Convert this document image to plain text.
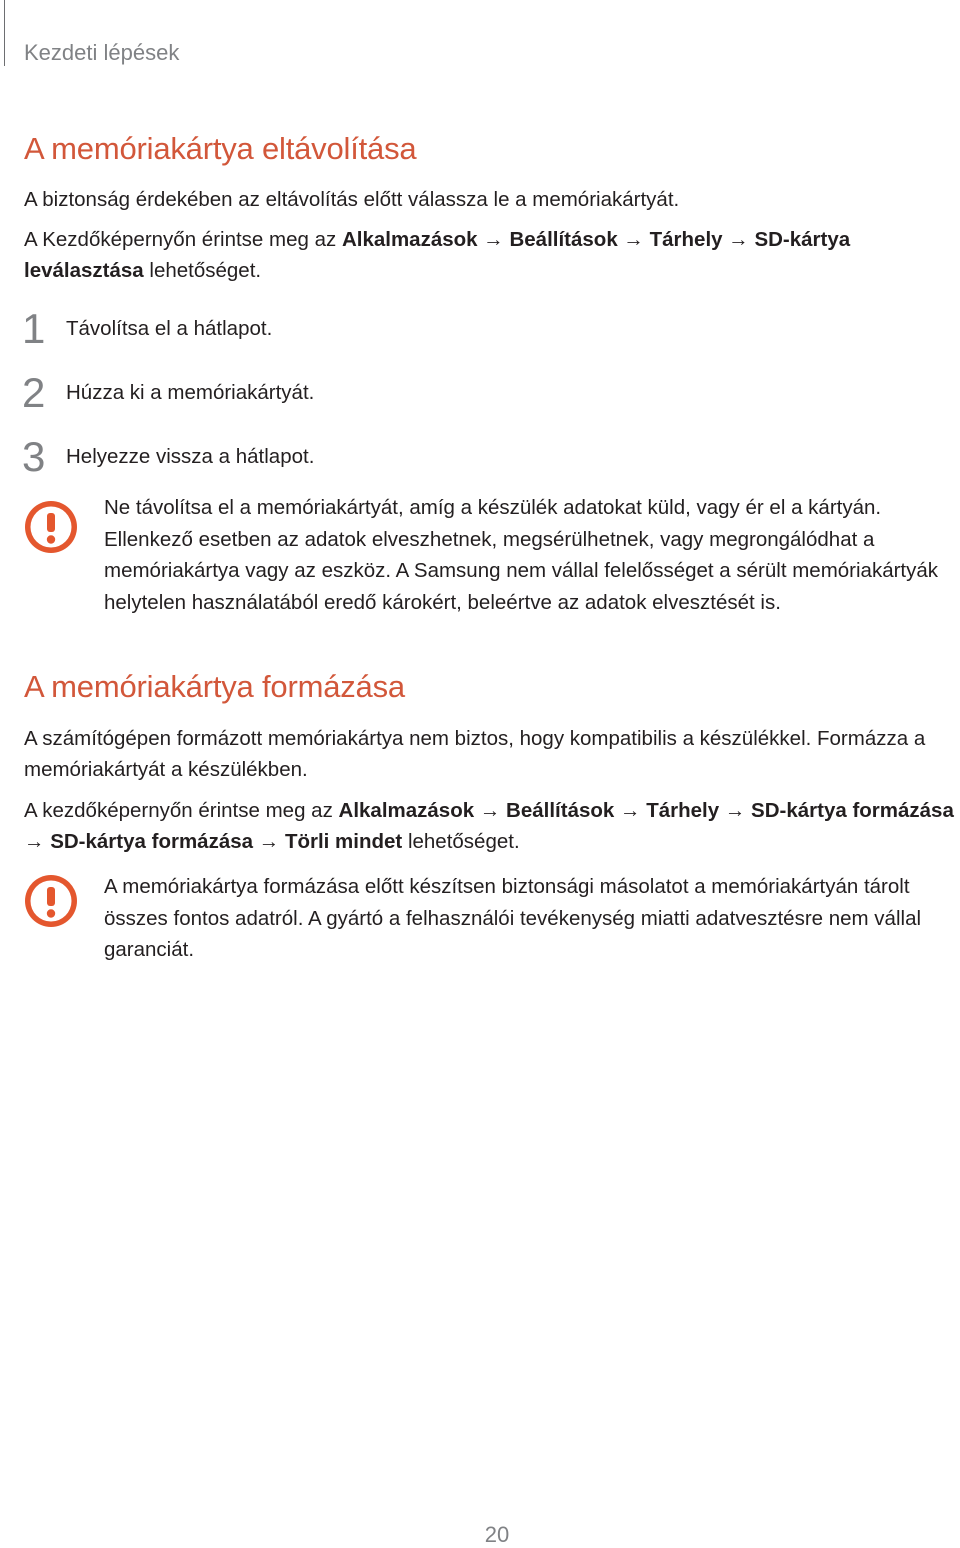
Kezdeti lépések
A memóriakártya eltávolítása

A biztonság érdekében az eltávolítás előtt válassza le a memóriakártyát.

A Kezdőképernyőn érintse meg az Alkalmazások → Beállítások → Tárhely → SD-kártya leválasztása lehetőséget.

1 Távolítsa el a hátlapot.
2 Húzza ki a memóriakártyát.
3 Helyezze vissza a hátlapot.

Ne távolítsa el a memóriakártyát, amíg a készülék adatokat küld, vagy ér el a kártyán. Ellenkező esetben az adatok elveszhetnek, megsérülhetnek, vagy megrongálódhat a memóriakártya vagy az eszköz. A Samsung nem vállal felelősséget a sérült memóriakártyák helytelen használatából eredő károkért, beleértve az adatok elvesztését is.

A memóriakártya formázása

A számítógépen formázott memóriakártya nem biztos, hogy kompatibilis a készülékkel. Formázza a memóriakártyát a készülékben.

A kezdőképernyőn érintse meg az Alkalmazások → Beállítások → Tárhely → SD-kártya formázása → SD-kártya formázása → Törli mindet lehetőséget.

A memóriakártya formázása előtt készítsen biztonsági másolatot a memóriakártyán tárolt összes fontos adatról. A gyártó a felhasználói tevékenység miatti adatvesztésre nem vállal garanciát.

20
